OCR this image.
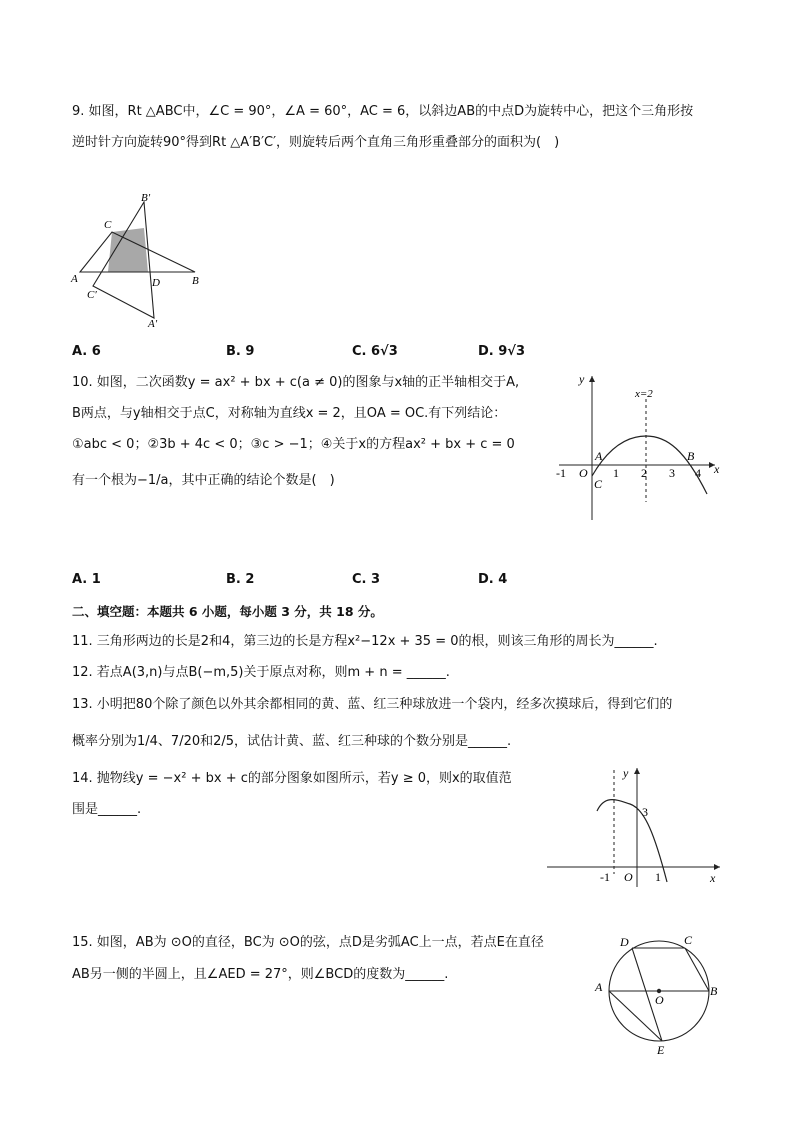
9. 如图，Rt △ABC中，∠C = 90°，∠A = 60°，AC = 6，以斜边AB的中点D为旋转中心，把这个三角形按
逆时针方向旋转90°得到Rt △A′B′C′，则旋转后两个直角三角形重叠部分的面积为(　)
B′
C
A	B
D
C′
A′
A. 6	B. 9	C. 6√3	D. 9√3
10. 如图，二次函数y = ax² + bx + c(a ≠ 0)的图象与x轴的正半轴相交于A,
B两点，与y轴相交于点C，对称轴为直线x = 2，且OA = OC.有下列结论：
①abc < 0；②3b + 4c < 0；③c > −1；④关于x的方程ax² + bx + c = 0
有一个根为−1/a，其中正确的结论个数是(　)
y
x=2
-1 O 1 2 3 4 x
A	B
C
A. 1	B. 2	C. 3	D. 4
二、填空题：本题共 6 小题，每小题 3 分，共 18 分。
11. 三角形两边的长是2和4，第三边的长是方程x²−12x + 35 = 0的根，则该三角形的周长为______.
12. 若点A(3,n)与点B(−m,5)关于原点对称，则m + n = ______.
13. 小明把80个除了颜色以外其余都相同的黄、蓝、红三种球放进一个袋内，经多次摸球后，得到它们的
概率分别为1/4、7/20和2/5，试估计黄、蓝、红三种球的个数分别是______.
14. 抛物线y = −x² + bx + c的部分图象如图所示，若y ≥ 0，则x的取值范
围是______.
y
3
-1 O 1	x
15. 如图，AB为 ⊙O的直径，BC为 ⊙O的弦，点D是劣弧AC上一点，若点E在直径
AB另一侧的半圆上，且∠AED = 27°，则∠BCD的度数为______.
D	C
A	B
O
E
